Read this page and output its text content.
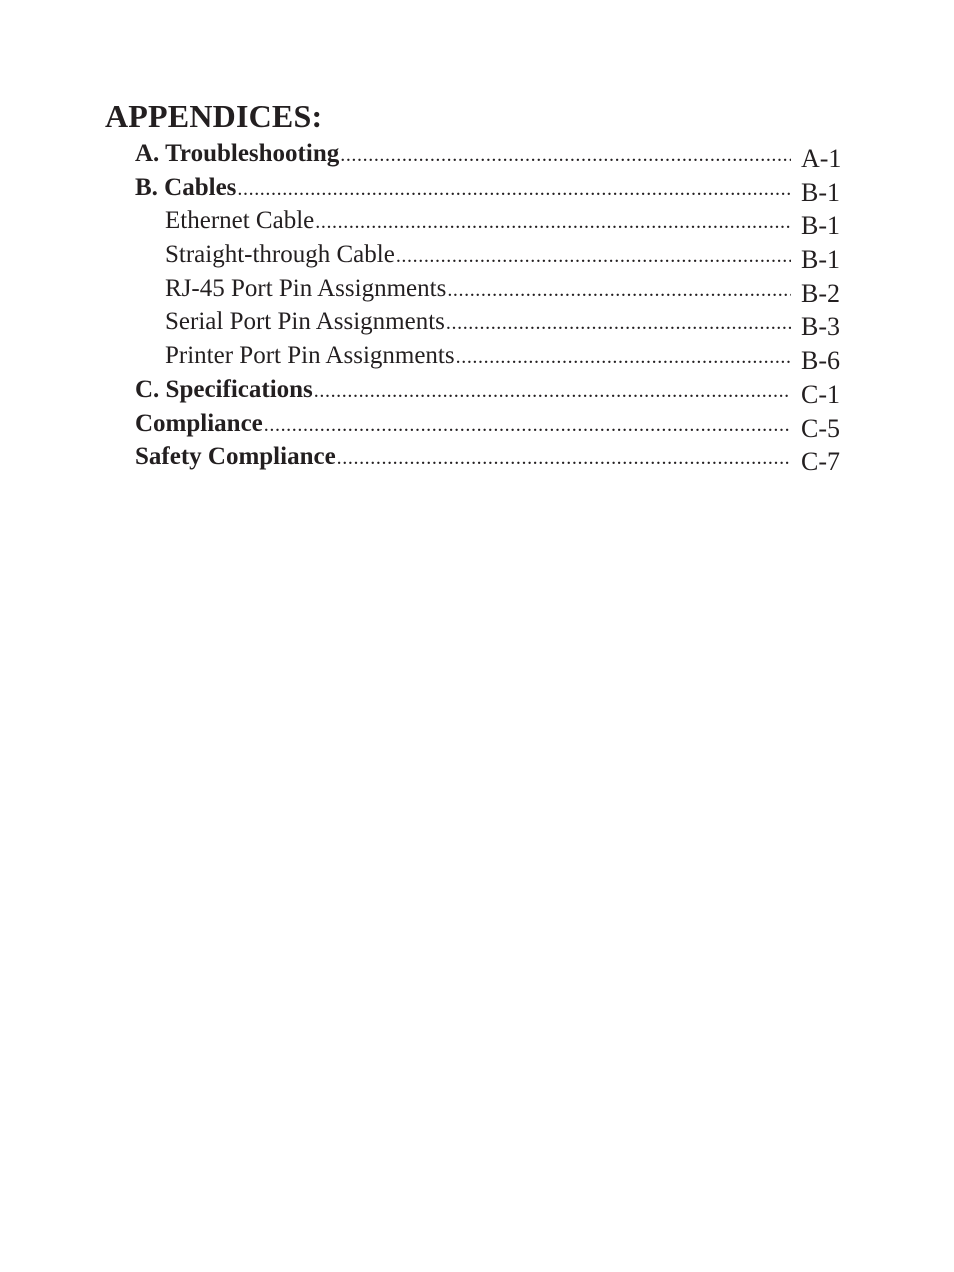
APPENDICES:
A. Troubleshooting .....	A-1
B. Cables .....	B-1
Ethernet Cable .....	B-1
Straight-through Cable .....	B-1
RJ-45 Port Pin Assignments .....	B-2
Serial Port Pin Assignments .....	B-3
Printer Port Pin Assignments .....	B-6
C. Specifications .....	C-1
Compliance .....	C-5
Safety Compliance .....	C-7
